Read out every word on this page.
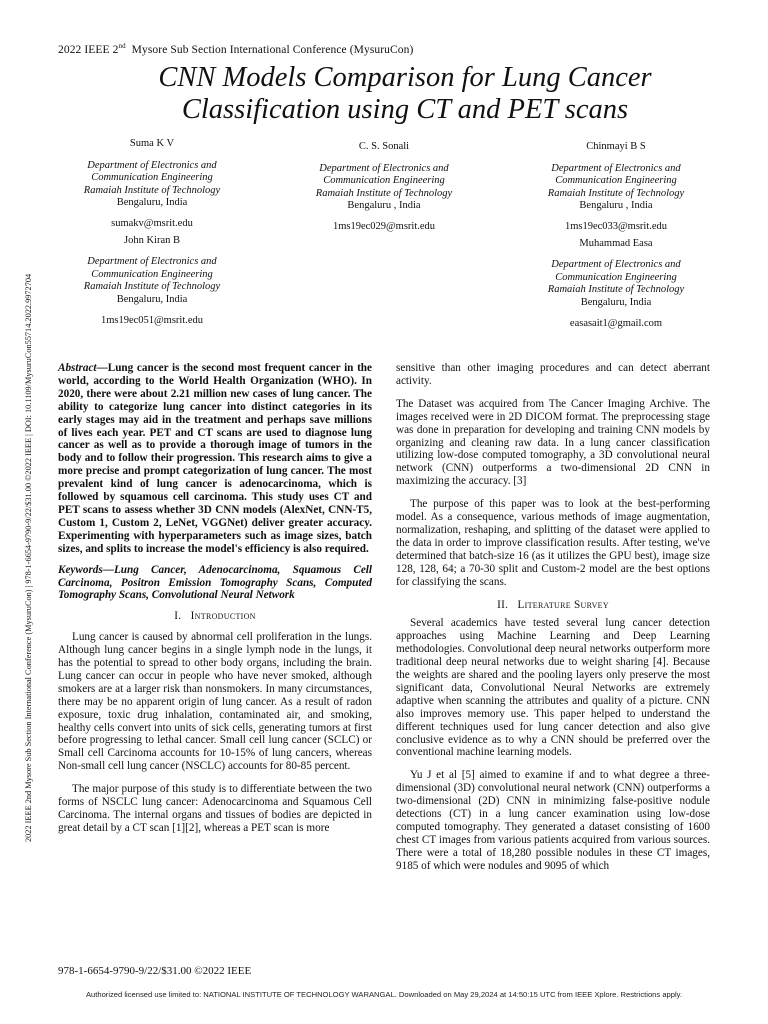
2022 IEEE 2nd Mysore Sub Section International Conference (MysuruCon)
CNN Models Comparison for Lung Cancer
Classification using CT and PET scans
Suma K V
Department of Electronics and
Communication Engineering
Ramaiah Institute of Technology
Bengaluru, India
sumakv@msrit.edu
John Kiran B
Department of Electronics and
Communication Engineering
Ramaiah Institute of Technology
Bengaluru, India
1ms19ec051@msrit.edu
C. S. Sonali
Department of Electronics and
Communication Engineering
Ramaiah Institute of Technology
Bengaluru , India
1ms19ec029@msrit.edu
Chinmayi B S
Department of Electronics and
Communication Engineering
Ramaiah Institute of Technology
Bengaluru , India
1ms19ec033@msrit.edu
Muhammad Easa
Department of Electronics and
Communication Engineering
Ramaiah Institute of Technology
Bengaluru, India
easasait1@gmail.com
2022 IEEE 2nd Mysore Sub Section International Conference (MysuruCon) | 978-1-6654-9790-9/22/$31.00 ©2022 IEEE | DOI: 10.1109/MysuruCon55714.2022.9972704 Abstract—Lung cancer is the second most frequent cancer in the world, according to the World Health Organization (WHO). In 2020, there were about 2.21 million new cases of lung cancer. The ability to categorize lung cancer into distinct categories in its early stages may aid in the treatment and perhaps save millions of lives each year. PET and CT scans are used to diagnose lung cancer as well as to provide a thorough image of tumors in the body and to follow their progression. This research aims to give a more precise and prompt categorization of lung cancer. The most prevalent kind of lung cancer is adenocarcinoma, which is followed by squamous cell carcinoma. This study uses CT and PET scans to assess whether 3D CNN models (AlexNet, CNN-T5, Custom 1, Custom 2, LeNet, VGGNet) deliver greater accuracy. Experimenting with hyperparameters such as image sizes, batch sizes, and splits to increase the model's efficiency is also required.

Keywords—Lung Cancer, Adenocarcinoma, Squamous Cell Carcinoma, Positron Emission Tomography Scans, Computed Tomography Scans, Convolutional Neural Network

I. Introduction

Lung cancer is caused by abnormal cell proliferation in the lungs. Although lung cancer begins in a single lymph node in the lungs, it has the potential to spread to other body organs, including the brain. Lung cancer can occur in people who have never smoked, although smokers are at a larger risk than nonsmokers. In many circumstances, there may be no apparent origin of lung cancer. As a result of radon exposure, toxic drug inhalation, contaminated air, and smoking, healthy cells convert into units of sick cells, generating tumors at first before progressing to lethal cancer. Small cell lung cancer (SCLC) or Small cell Carcinoma accounts for 10-15% of lung cancers, whereas Non-small cell lung cancer (NSCLC) accounts for 80-85 percent.

The major purpose of this study is to differentiate between the two forms of NSCLC lung cancer: Adenocarcinoma and Squamous Cell Carcinoma. The internal organs and tissues of bodies are depicted in great detail by a CT scan [1][2], whereas a PET scan is more

sensitive than other imaging procedures and can detect aberrant activity.

The Dataset was acquired from The Cancer Imaging Archive. The images received were in 2D DICOM format. The preprocessing stage was done in preparation for developing and training CNN models by organizing and cleaning raw data. In a lung cancer classification utilizing low-dose computed tomography, a 3D convolutional neural network (CNN) outperforms a two-dimensional 2D CNN in maximizing the accuracy. [3]

The purpose of this paper was to look at the best-performing model. As a consequence, various methods of image augmentation, normalization, reshaping, and splitting of the dataset were applied to the data in order to improve classification results. After testing, we've determined that batch-size 16 (as it utilizes the GPU best), image size 128, 128, 64; a 70-30 split and Custom-2 model are the best options for classifying the scans.

II. Literature Survey

Several academics have tested several lung cancer detection approaches using Machine Learning and Deep Learning methodologies. Convolutional deep neural networks outperform more traditional deep neural networks due to weight sharing [4]. Because the weights are shared and the pooling layers only preserve the most significant data, Convolutional Neural Networks are extremely adaptive when scanning the attributes and quality of a picture. CNN also improves memory use. This paper helped to understand the different techniques used for lung cancer detection and also give conclusive evidence as to why a CNN should be preferred over the conventional machine learning models.

Yu J et al [5] aimed to examine if and to what degree a three-dimensional (3D) convolutional neural network (CNN) outperforms a two-dimensional (2D) CNN in minimizing false-positive nodule detections (CT) in a lung cancer examination using low-dose computed tomography. They generated a dataset consisting of 1600 chest CT images from various patients acquired from various sources. There were a total of 18,280 possible nodules in these CT images, 9185 of which were nodules and 9095 of which

978-1-6654-9790-9/22/$31.00 ©2022 IEEE
Authorized licensed use limited to: NATIONAL INSTITUTE OF TECHNOLOGY WARANGAL. Downloaded on May 29,2024 at 14:50:15 UTC from IEEE Xplore. Restrictions apply.
